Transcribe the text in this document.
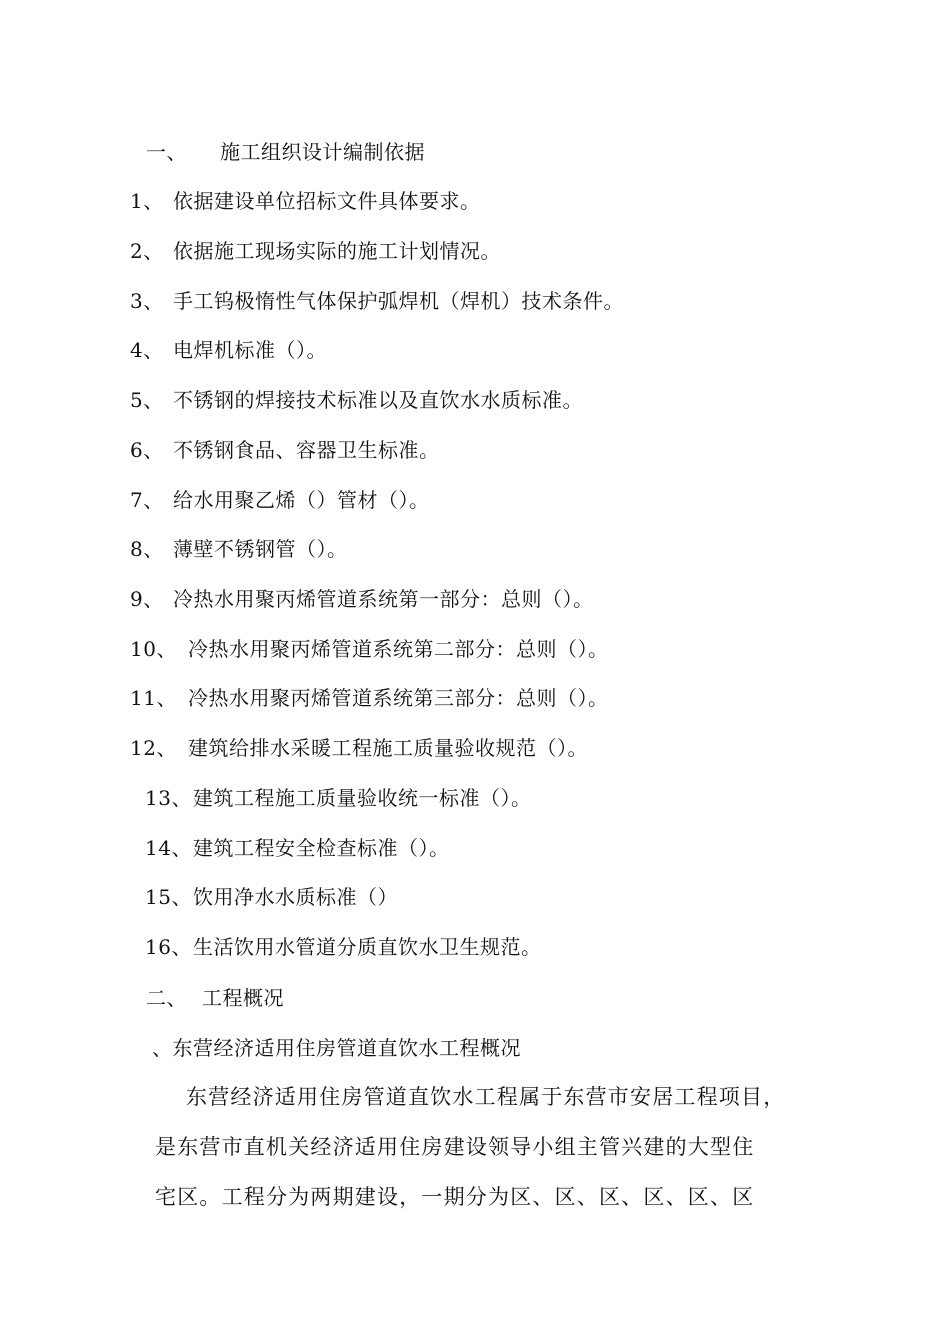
一、 施工组织设计编制依据
1、 依据建设单位招标文件具体要求。
2、 依据施工现场实际的施工计划情况。
3、 手工钨极惰性气体保护弧焊机（焊机）技术条件。
4、 电焊机标准（）。
5、 不锈钢的焊接技术标准以及直饮水水质标准。
6、 不锈钢食品、容器卫生标准。
7、 给水用聚乙烯（）管材（）。
8、 薄壁不锈钢管（）。
9、 冷热水用聚丙烯管道系统第一部分：总则（）。
10、 冷热水用聚丙烯管道系统第二部分：总则（）。
11、 冷热水用聚丙烯管道系统第三部分：总则（）。
12、 建筑给排水采暖工程施工质量验收规范（）。
13、建筑工程施工质量验收统一标准（）。
14、建筑工程安全检查标准（）。
15、饮用净水水质标准（）
16、生活饮用水管道分质直饮水卫生规范。
二、 工程概况
、东营经济适用住房管道直饮水工程概况
东营经济适用住房管道直饮水工程属于东营市安居工程项目，
是东营市直机关经济适用住房建设领导小组主管兴建的大型住
宅区。工程分为两期建设，一期分为区、区、区、区、区、区
